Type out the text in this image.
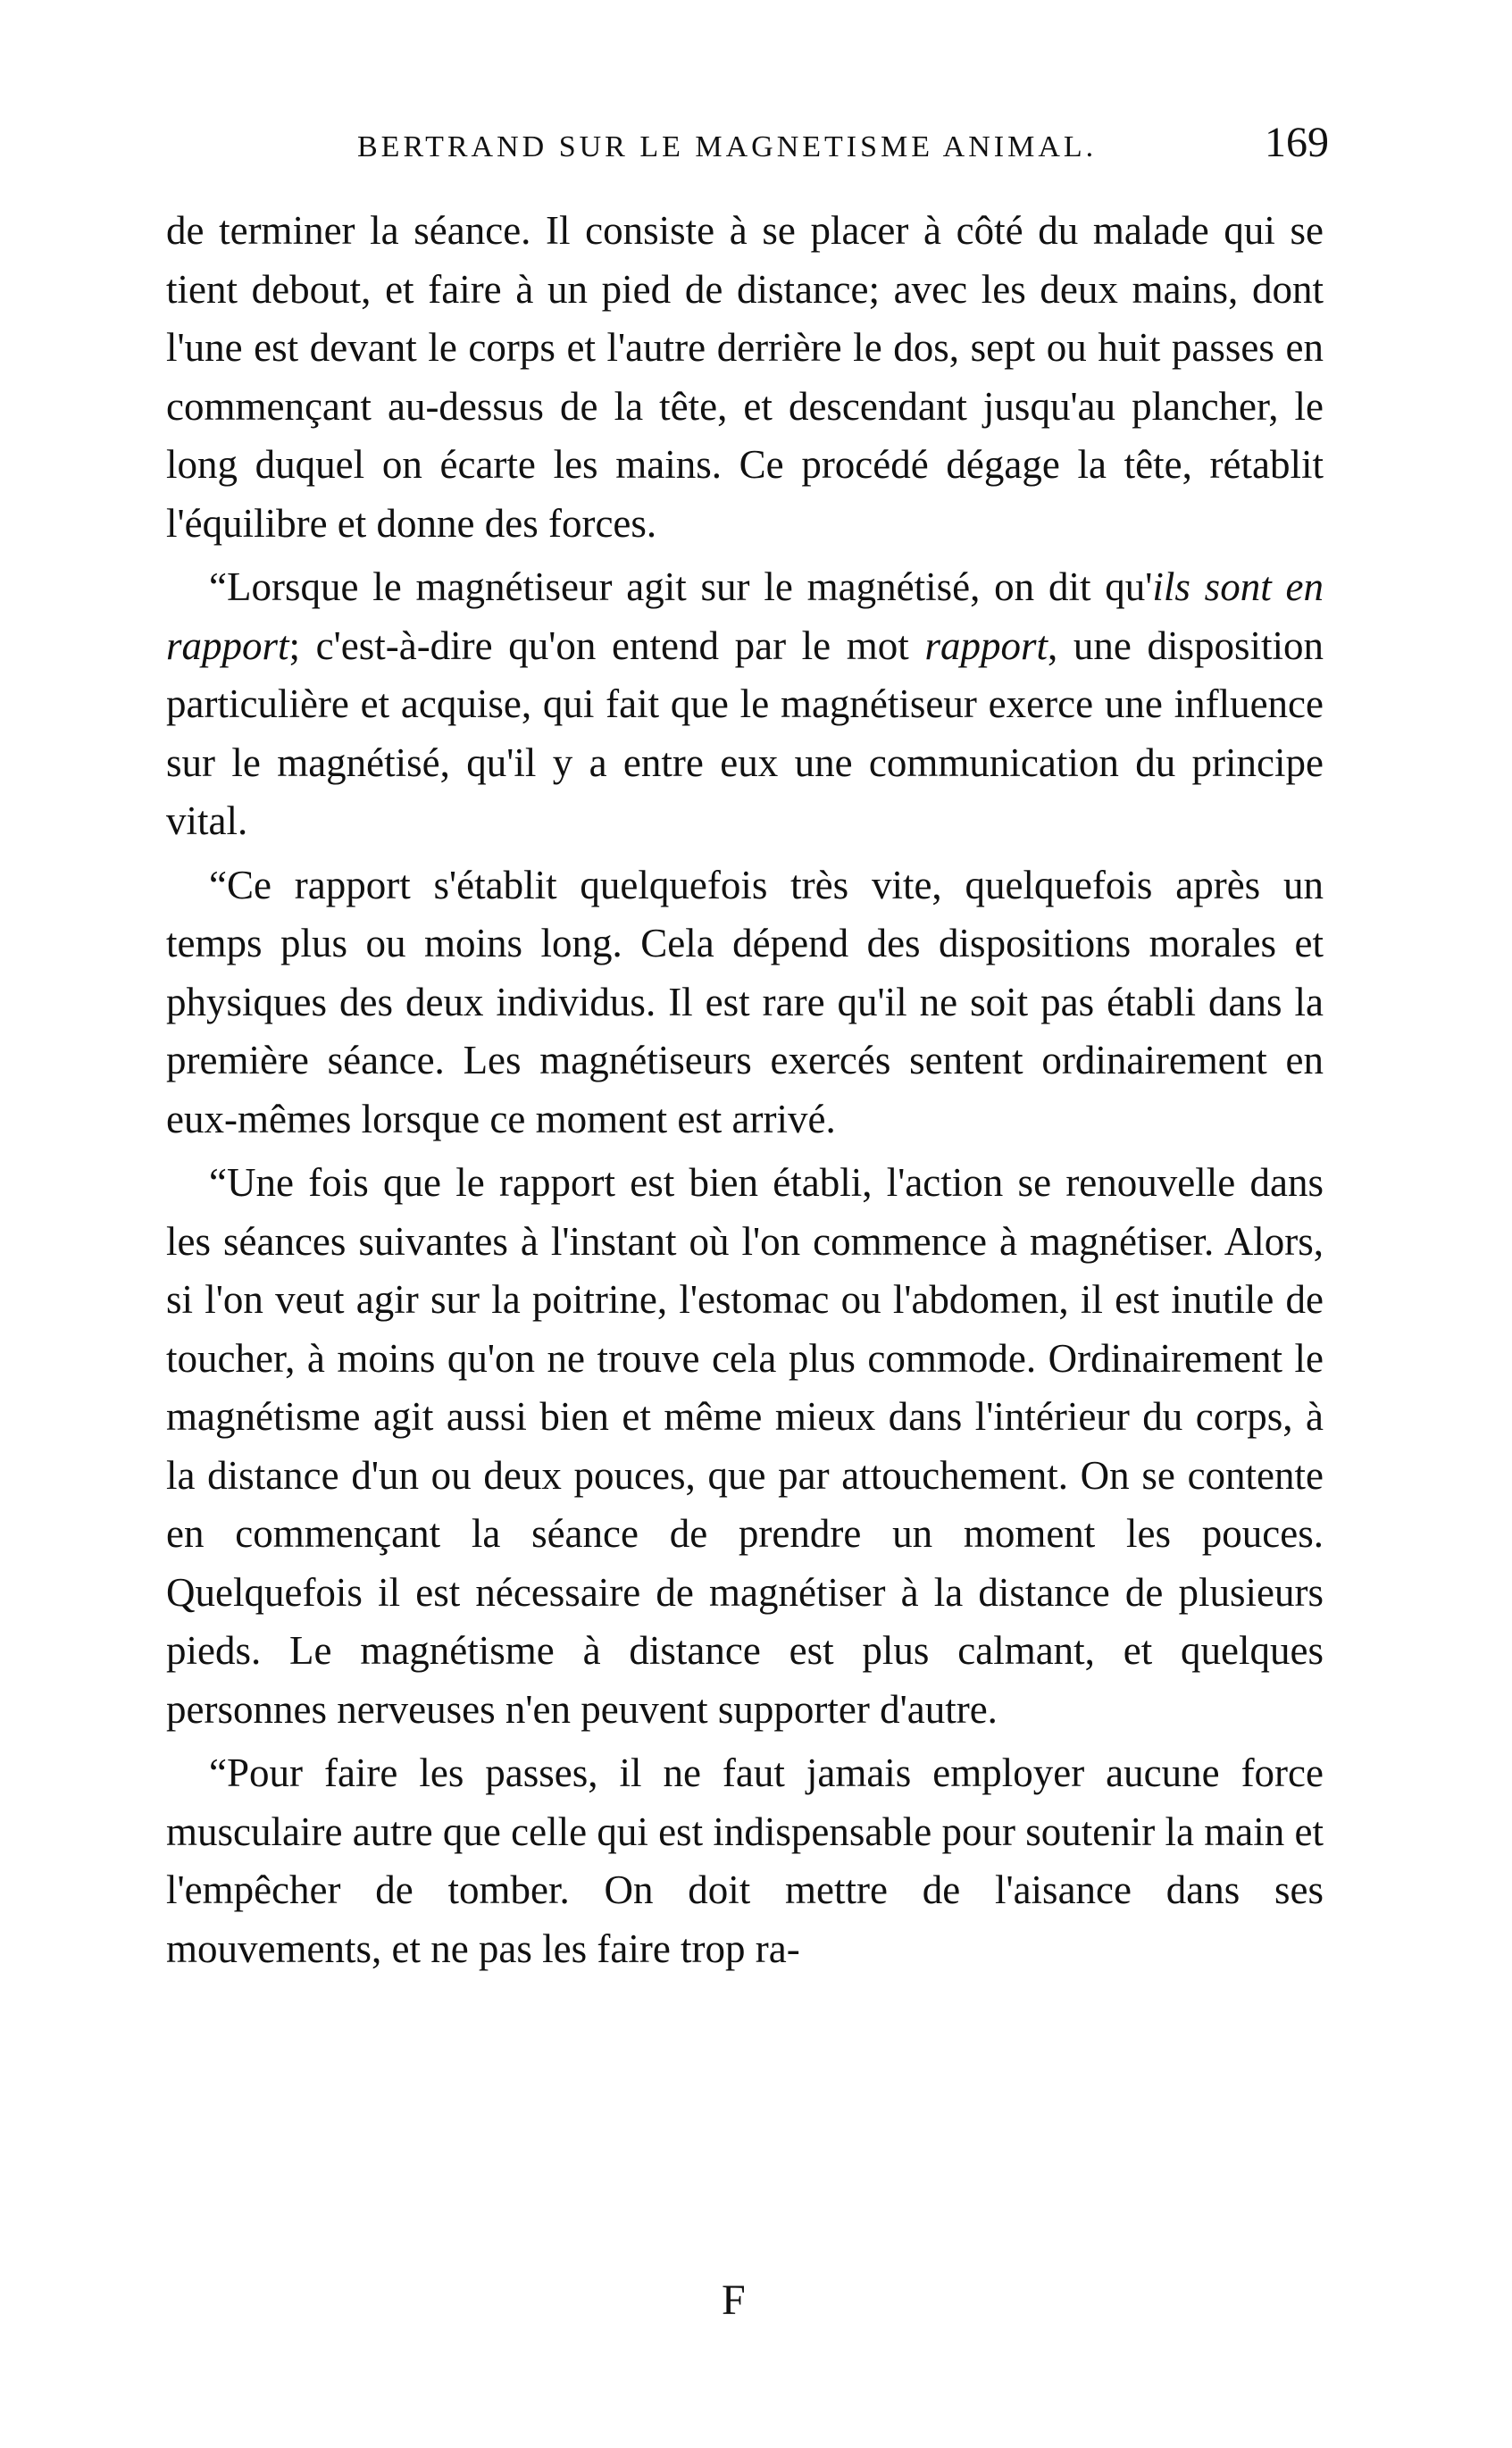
BERTRAND SUR LE MAGNETISME ANIMAL.	169

de terminer la séance. Il consiste à se placer à côté du malade qui se tient debout, et faire à un pied de distance; avec les deux mains, dont l'une est devant le corps et l'autre derrière le dos, sept ou huit passes en commençant au-dessus de la tête, et descendant jusqu'au plancher, le long duquel on écarte les mains. Ce procédé dégage la tête, rétablit l'équilibre et donne des forces.

“Lorsque le magnétiseur agit sur le magnétisé, on dit qu'ils sont en rapport; c'est-à-dire qu'on entend par le mot rapport, une disposition particulière et acquise, qui fait que le magnétiseur exerce une influence sur le magnétisé, qu'il y a entre eux une communication du principe vital.

“Ce rapport s'établit quelquefois très vite, quelquefois après un temps plus ou moins long. Cela dépend des dispositions morales et physiques des deux individus. Il est rare qu'il ne soit pas établi dans la première séance. Les magnétiseurs exercés sentent ordinairement en eux-mêmes lorsque ce moment est arrivé.

“Une fois que le rapport est bien établi, l'action se renouvelle dans les séances suivantes à l'instant où l'on commence à magnétiser. Alors, si l'on veut agir sur la poitrine, l'estomac ou l'abdomen, il est inutile de toucher, à moins qu'on ne trouve cela plus commode. Ordinairement le magnétisme agit aussi bien et même mieux dans l'intérieur du corps, à la distance d'un ou deux pouces, que par attouchement. On se contente en commençant la séance de prendre un moment les pouces. Quelquefois il est nécessaire de magnétiser à la distance de plusieurs pieds. Le magnétisme à distance est plus calmant, et quelques personnes nerveuses n'en peuvent supporter d'autre.

“Pour faire les passes, il ne faut jamais employer aucune force musculaire autre que celle qui est indispensable pour soutenir la main et l'empêcher de tomber. On doit mettre de l'aisance dans ses mouvements, et ne pas les faire trop ra-

F
